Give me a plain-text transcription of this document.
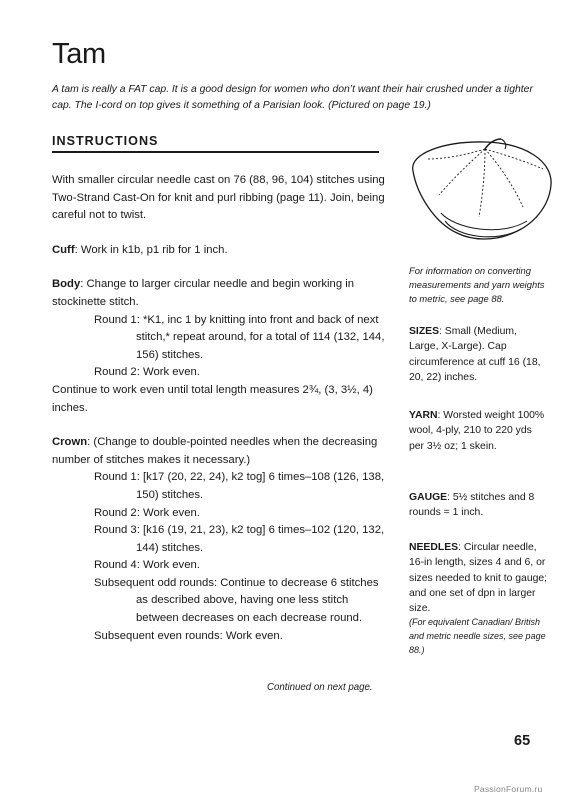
Tam
A tam is really a FAT cap. It is a good design for women who don’t want their hair crushed under a tighter cap. The I-cord on top gives it something of a Parisian look. (Pictured on page 19.)
INSTRUCTIONS

With smaller circular needle cast on 76 (88, 96, 104) stitches using Two-Strand Cast-On for knit and purl ribbing (page 11). Join, being careful not to twist.

Cuff: Work in k1b, p1 rib for 1 inch.

Body: Change to larger circular needle and begin working in stockinette stitch.

Round 1: *K1, inc 1 by knitting into front and back of next stitch,* repeat around, for a total of 114 (132, 144, 156) stitches.

Round 2: Work even.

Continue to work even until total length measures 2¾, (3, 3½, 4) inches.

Crown: (Change to double-pointed needles when the decreasing number of stitches makes it necessary.)

Round 1: [k17 (20, 22, 24), k2 tog] 6 times–108 (126, 138, 150) stitches.

Round 2: Work even.

Round 3: [k16 (19, 21, 23), k2 tog] 6 times–102 (120, 132, 144) stitches.

Round 4: Work even.

Subsequent odd rounds: Continue to decrease 6 stitches as described above, having one less stitch between decreases on each decrease round.

Subsequent even rounds: Work even.

Continued on next page.
For information on converting measurements and yarn weights to metric, see page 88.

SIZES: Small (Medium, Large, X-Large). Cap circumference at cuff 16 (18, 20, 22) inches.

YARN: Worsted weight 100% wool, 4-ply, 210 to 220 yds per 3½ oz; 1 skein.

GAUGE: 5½ stitches and 8 rounds = 1 inch.

NEEDLES: Circular needle, 16-in length, sizes 4 and 6, or sizes needed to knit to gauge; and one set of dpn in larger size.

(For equivalent Canadian/ British and metric needle sizes, see page 88.)

65
PassionForum.ru
